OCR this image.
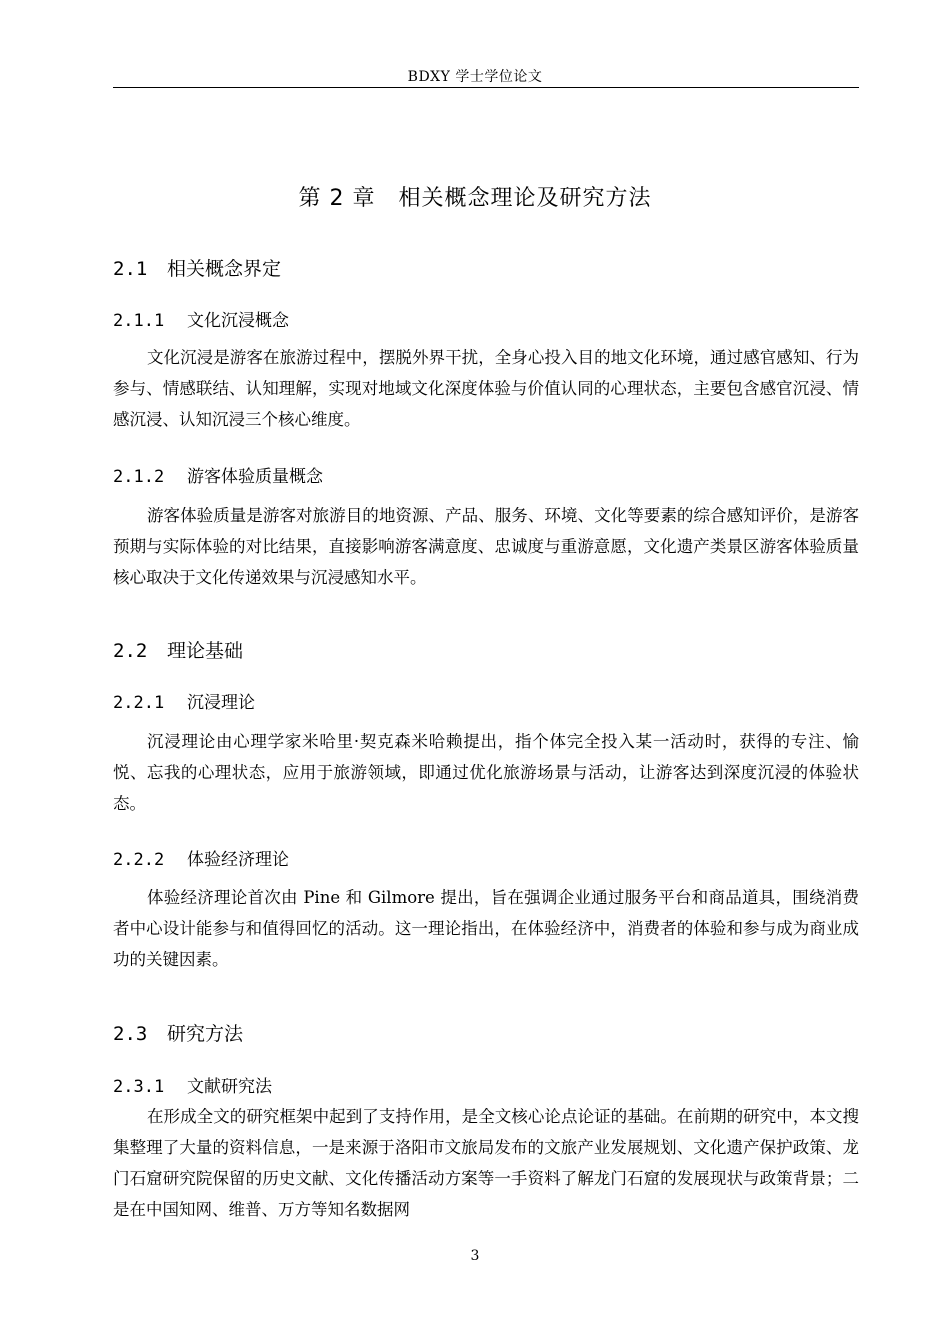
BDXY 学士学位论文
第 2 章　相关概念理论及研究方法
2.1 相关概念界定
2.1.1 文化沉浸概念

文化沉浸是游客在旅游过程中，摆脱外界干扰，全身心投入目的地文化环境，通过感官感知、行为参与、情感联结、认知理解，实现对地域文化深度体验与价值认同的心理状态，主要包含感官沉浸、情感沉浸、认知沉浸三个核心维度。

2.1.2 游客体验质量概念

游客体验质量是游客对旅游目的地资源、产品、服务、环境、文化等要素的综合感知评价，是游客预期与实际体验的对比结果，直接影响游客满意度、忠诚度与重游意愿，文化遗产类景区游客体验质量核心取决于文化传递效果与沉浸感知水平。

2.2 理论基础
2.2.1 沉浸理论

沉浸理论由心理学家米哈里·契克森米哈赖提出，指个体完全投入某一活动时，获得的专注、愉悦、忘我的心理状态，应用于旅游领域，即通过优化旅游场景与活动，让游客达到深度沉浸的体验状态。

2.2.2 体验经济理论

体验经济理论首次由 Pine 和 Gilmore 提出，旨在强调企业通过服务平台和商品道具，围绕消费者中心设计能参与和值得回忆的活动。这一理论指出，在体验经济中，消费者的体验和参与成为商业成功的关键因素。

2.3 研究方法
2.3.1 文献研究法

在形成全文的研究框架中起到了支持作用，是全文核心论点论证的基础。在前期的研究中，本文搜集整理了大量的资料信息，一是来源于洛阳市文旅局发布的文旅产业发展规划、文化遗产保护政策、龙门石窟研究院保留的历史文献、文化传播活动方案等一手资料了解龙门石窟的发展现状与政策背景；二是在中国知网、维普、万方等知名数据网

3
